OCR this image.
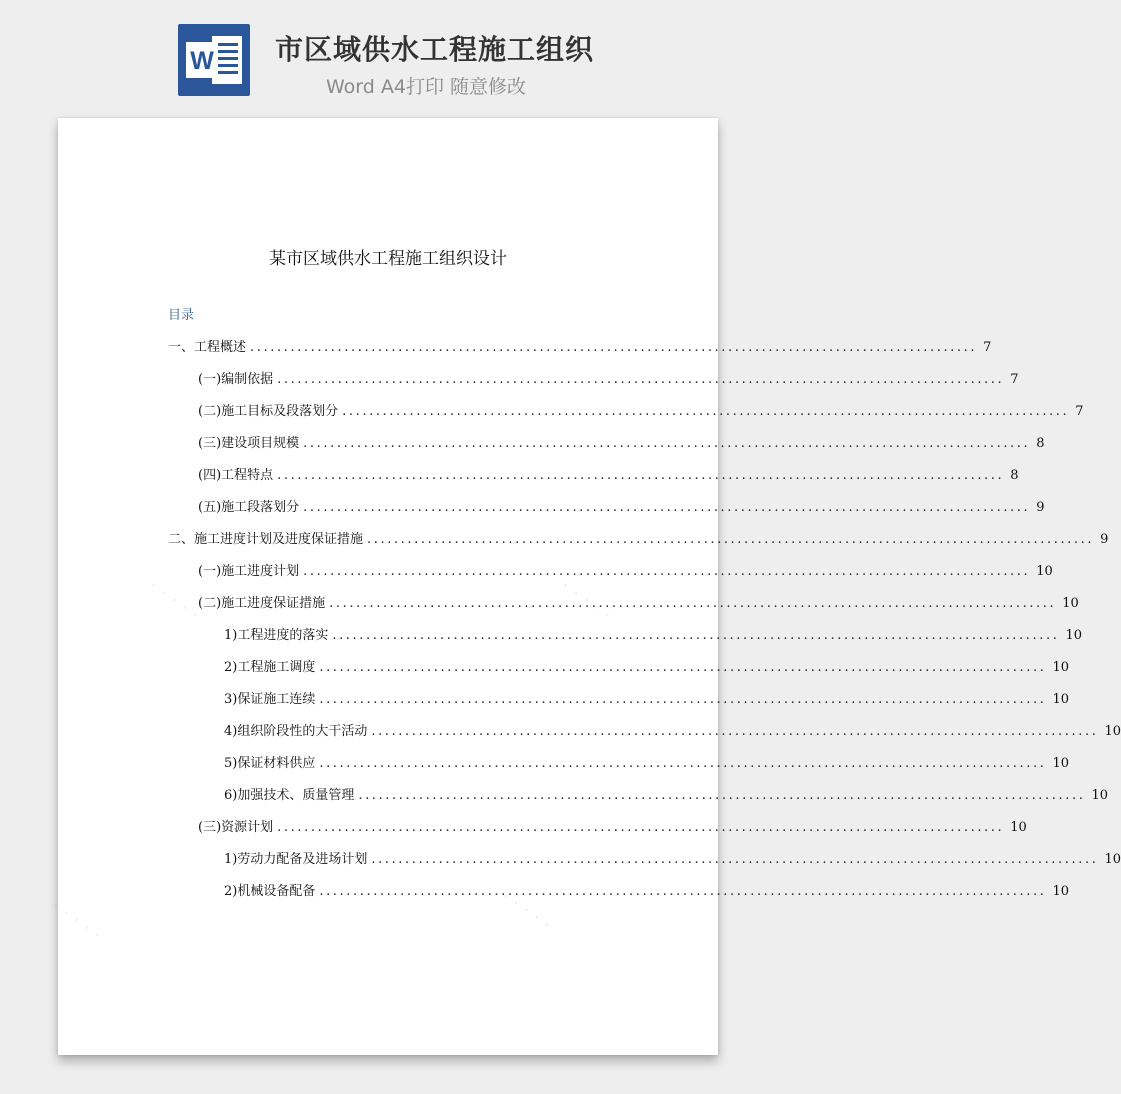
W 市区域供水工程施工组织
Word A4打印 随意修改
· · · · ·	· · · · ·
· · · · ·	· · · · ·
某市区域供水工程施工组织设计
目录
一、工程概述 ............................................................................................................ 7
(一)编制依据 ............................................................................................................ 7
(二)施工目标及段落划分 ............................................................................................................ 7
(三)建设项目规模 ............................................................................................................ 8
(四)工程特点 ............................................................................................................ 8
(五)施工段落划分 ............................................................................................................ 9
二、施工进度计划及进度保证措施 ............................................................................................................ 9
(一)施工进度计划 ............................................................................................................ 10
(二)施工进度保证措施 ............................................................................................................ 10
1)工程进度的落实 ............................................................................................................ 10
2)工程施工调度 ............................................................................................................ 10
3)保证施工连续 ............................................................................................................ 10
4)组织阶段性的大干活动 ............................................................................................................ 10
5)保证材料供应 ............................................................................................................ 10
6)加强技术、质量管理 ............................................................................................................ 10
(三)资源计划 ............................................................................................................ 10
1)劳动力配备及进场计划 ............................................................................................................ 10
2)机械设备配备 ............................................................................................................ 10
